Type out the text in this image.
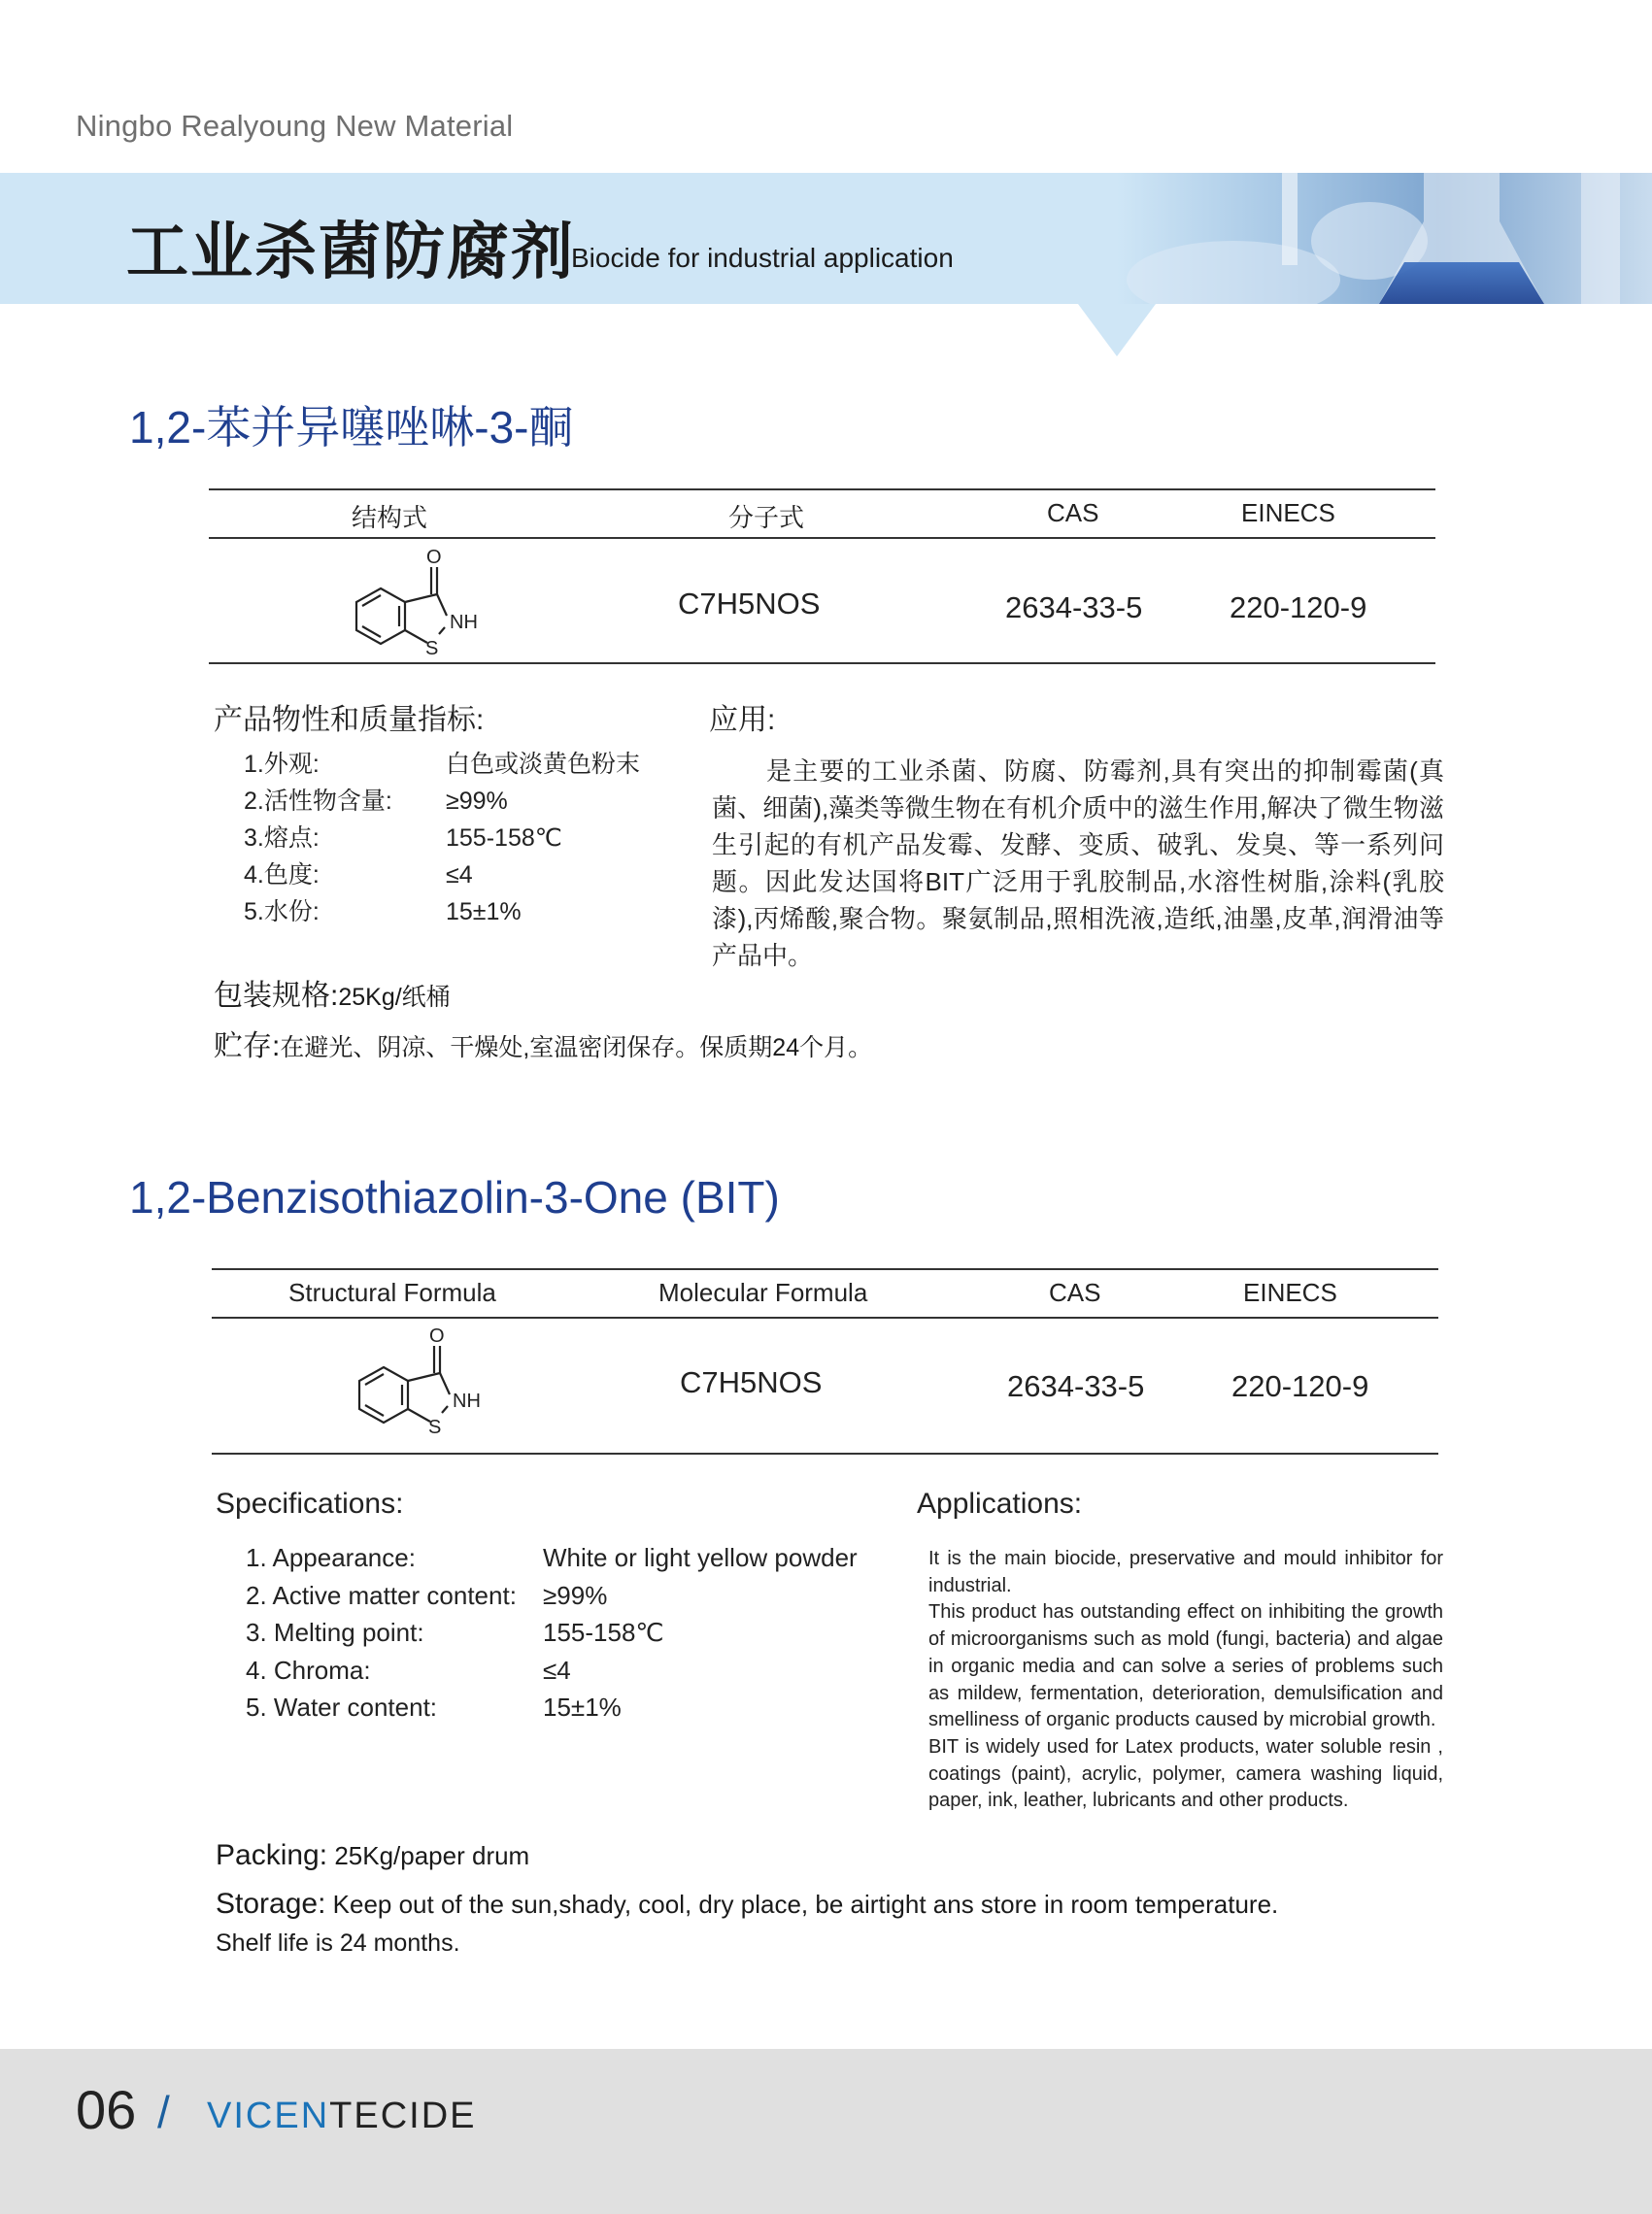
Ningbo Realyoung New Material
工业杀菌防腐剂
Biocide for industrial application
1,2-苯并异噻唑啉-3-酮
结构式	分子式	CAS	EINECS
O
NH
S
C7H5NOS	2634-33-5	220-120-9
产品物性和质量指标:
1.外观:	白色或淡黄色粉末
2.活性物含量: ≥99%
3.熔点:	155-158℃
4.色度:	≤4
5.水份:	15±1%
应用:
是主要的工业杀菌、防腐、防霉剂,具有突出的抑制霉菌(真菌、细菌),藻类等微生物在有机介质中的滋生作用,解决了微生物滋生引起的有机产品发霉、发酵、变质、破乳、发臭、等一系列问题。因此发达国将BIT广泛用于乳胶制品,水溶性树脂,涂料(乳胶漆),丙烯酸,聚合物。聚氨制品,照相洗液,造纸,油墨,皮革,润滑油等产品中。
包装规格:25Kg/纸桶
贮存:在避光、阴凉、干燥处,室温密闭保存。保质期24个月。
1,2-Benzisothiazolin-3-One (BIT)
Structural Formula	Molecular Formula	CAS	EINECS
O
NH
S
C7H5NOS	2634-33-5	220-120-9
Specifications:
1. Appearance:	White or light yellow powder
2. Active matter content: ≥99%
3. Melting point:	155-158℃
4. Chroma:	≤4
5. Water content:	15±1%
Applications:
It is the main biocide, preservative and mould inhibitor for industrial.
This product has outstanding effect on inhibiting the growth of microorganisms such as mold (fungi, bacteria) and algae in organic media and can solve a series of problems such as mildew, fermentation, deterioration, demulsification and smelliness of organic products caused by microbial growth.
BIT is widely used for Latex products, water soluble resin , coatings (paint), acrylic, polymer, camera washing liquid, paper, ink, leather, lubricants and other products.
Packing: 25Kg/paper drum
Storage: Keep out of the sun,shady, cool, dry place, be airtight ans store in room temperature.
Shelf life is 24 months.
06 / VICENTECIDE
